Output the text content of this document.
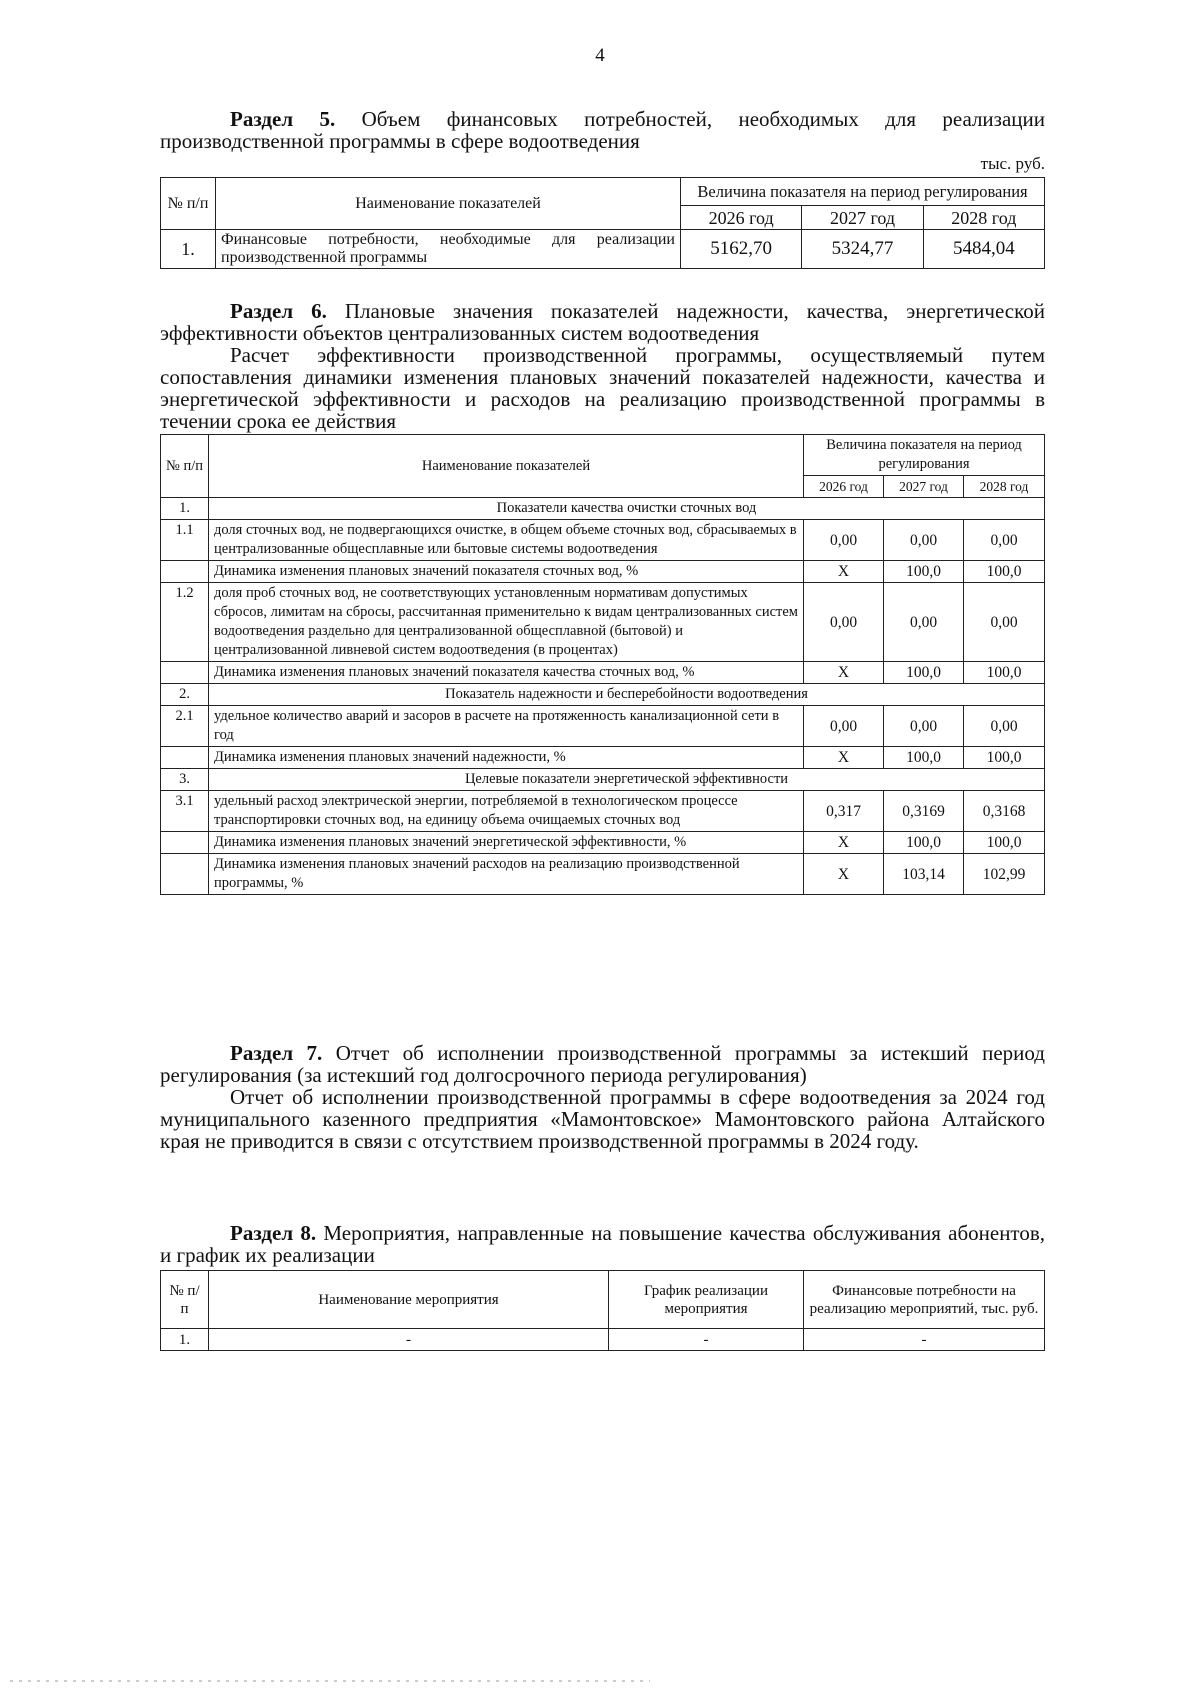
4

Раздел 5. Объем финансовых потребностей, необходимых для реализации производственной программы в сфере водоотведения

тыс. руб.
№ п/п	Наименование показателей	Величина показателя на период регулирования		
		2026 год	2027 год	2028 год
1.	Финансовые потребности, необходимые для реализации производственной программы	5162,70	5324,77	5484,04

Раздел 6. Плановые значения показателей надежности, качества, энергетической эффективности объектов централизованных систем водоотведения

Расчет эффективности производственной программы, осуществляемый путем сопоставления динамики изменения плановых значений показателей надежности, качества и энергетической эффективности и расходов на реализацию производственной программы в течении срока ее действия

№ п/п	Наименование показателей	Величина показателя на период регулирования		
		2026 год	2027 год	2028 год
1.	Показатели качества очистки сточных вод			
1.1	доля сточных вод, не подвергающихся очистке, в общем объеме сточных вод, сбрасываемых в централизованные общесплавные или бытовые системы водоотведения	0,00	0,00	0,00
	Динамика изменения плановых значений показателя сточных вод, %	X	100,0	100,0
1.2	доля проб сточных вод, не соответствующих установленным нормативам допустимых сбросов, лимитам на сбросы, рассчитанная применительно к видам централизованных систем водоотведения раздельно для централизованной общесплавной (бытовой) и централизованной ливневой систем водоотведения (в процентах)	0,00	0,00	0,00
	Динамика изменения плановых значений показателя качества сточных вод, %	X	100,0	100,0
2.	Показатель надежности и бесперебойности водоотведения			
2.1	удельное количество аварий и засоров в расчете на протяженность канализационной сети в год	0,00	0,00	0,00
	Динамика изменения плановых значений надежности, %	X	100,0	100,0
3.	Целевые показатели энергетической эффективности			
3.1	удельный расход электрической энергии, потребляемой в технологическом процессе транспортировки сточных вод, на единицу объема очищаемых сточных вод	0,317	0,3169	0,3168
	Динамика изменения плановых значений энергетической эффективности, %	X	100,0	100,0
	Динамика изменения плановых значений расходов на реализацию производственной программы, %	X	103,14	102,99

Раздел 7. Отчет об исполнении производственной программы за истекший период регулирования (за истекший год долгосрочного периода регулирования)

Отчет об исполнении производственной программы в сфере водоотведения за 2024 год муниципального казенного предприятия «Мамонтовское» Мамонтовского района Алтайского края не приводится в связи с отсутствием производственной программы в 2024 году.

Раздел 8. Мероприятия, направленные на повышение качества обслуживания абонентов, и график их реализации

№ п/п	Наименование мероприятия	График реализации мероприятия	Финансовые потребности на реализацию мероприятий, тыс. руб.
1.	-	-	-
